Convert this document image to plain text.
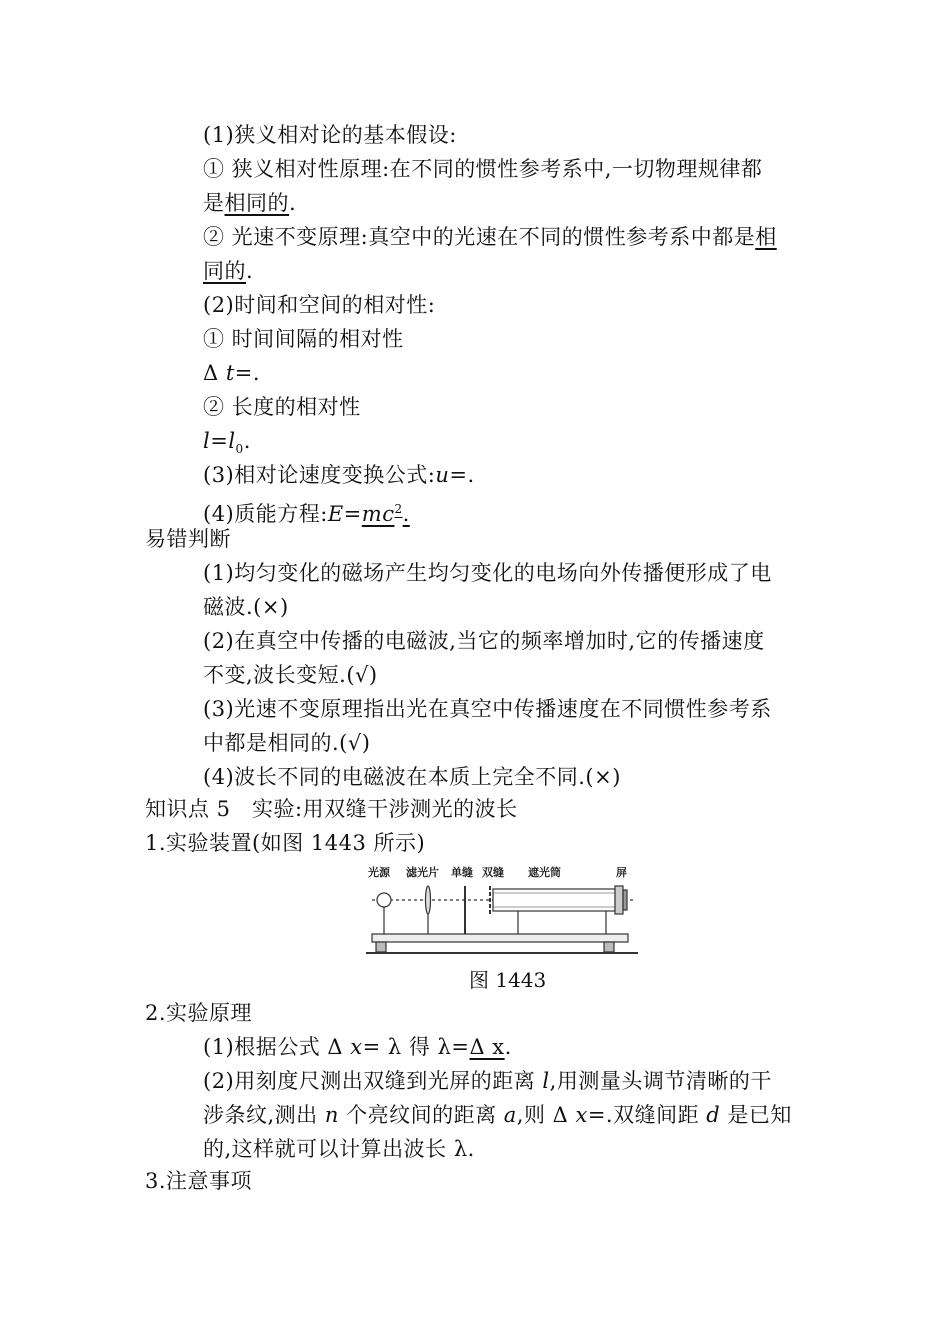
(1)狭义相对论的基本假设:
① 狭义相对性原理:在不同的惯性参考系中,一切物理规律都
是相同的.
② 光速不变原理:真空中的光速在不同的惯性参考系中都是相
同的.
(2)时间和空间的相对性:
① 时间间隔的相对性
Δ t=.
② 长度的相对性
$l=l_0$.
(3)相对论速度变换公式:u=.
(4)质能方程$:E=mc^2$.
易错判断
(1)均匀变化的磁场产生均匀变化的电场向外传播便形成了电
磁波.(×)
(2)在真空中传播的电磁波,当它的频率增加时,它的传播速度
不变,波长变短.(√)
(3)光速不变原理指出光在真空中传播速度在不同惯性参考系
中都是相同的.(√)
(4)波长不同的电磁波在本质上完全不同.(×)
知识点 5　实验:用双缝干涉测光的波长
1.实验装置(如图 1443 所示)
光源 滤光片 单缝 双缝 遮光筒	屏
图 1443
2.实验原理
(1)根据公式 Δ x= λ 得 λ=Δ x.
(2)用刻度尺测出双缝到光屏的距离 l,用测量头调节清晰的干
涉条纹,测出 n 个亮纹间的距离 a,则 Δ x=.双缝间距 d 是已知
的,这样就可以计算出波长 λ.
3.注意事项
